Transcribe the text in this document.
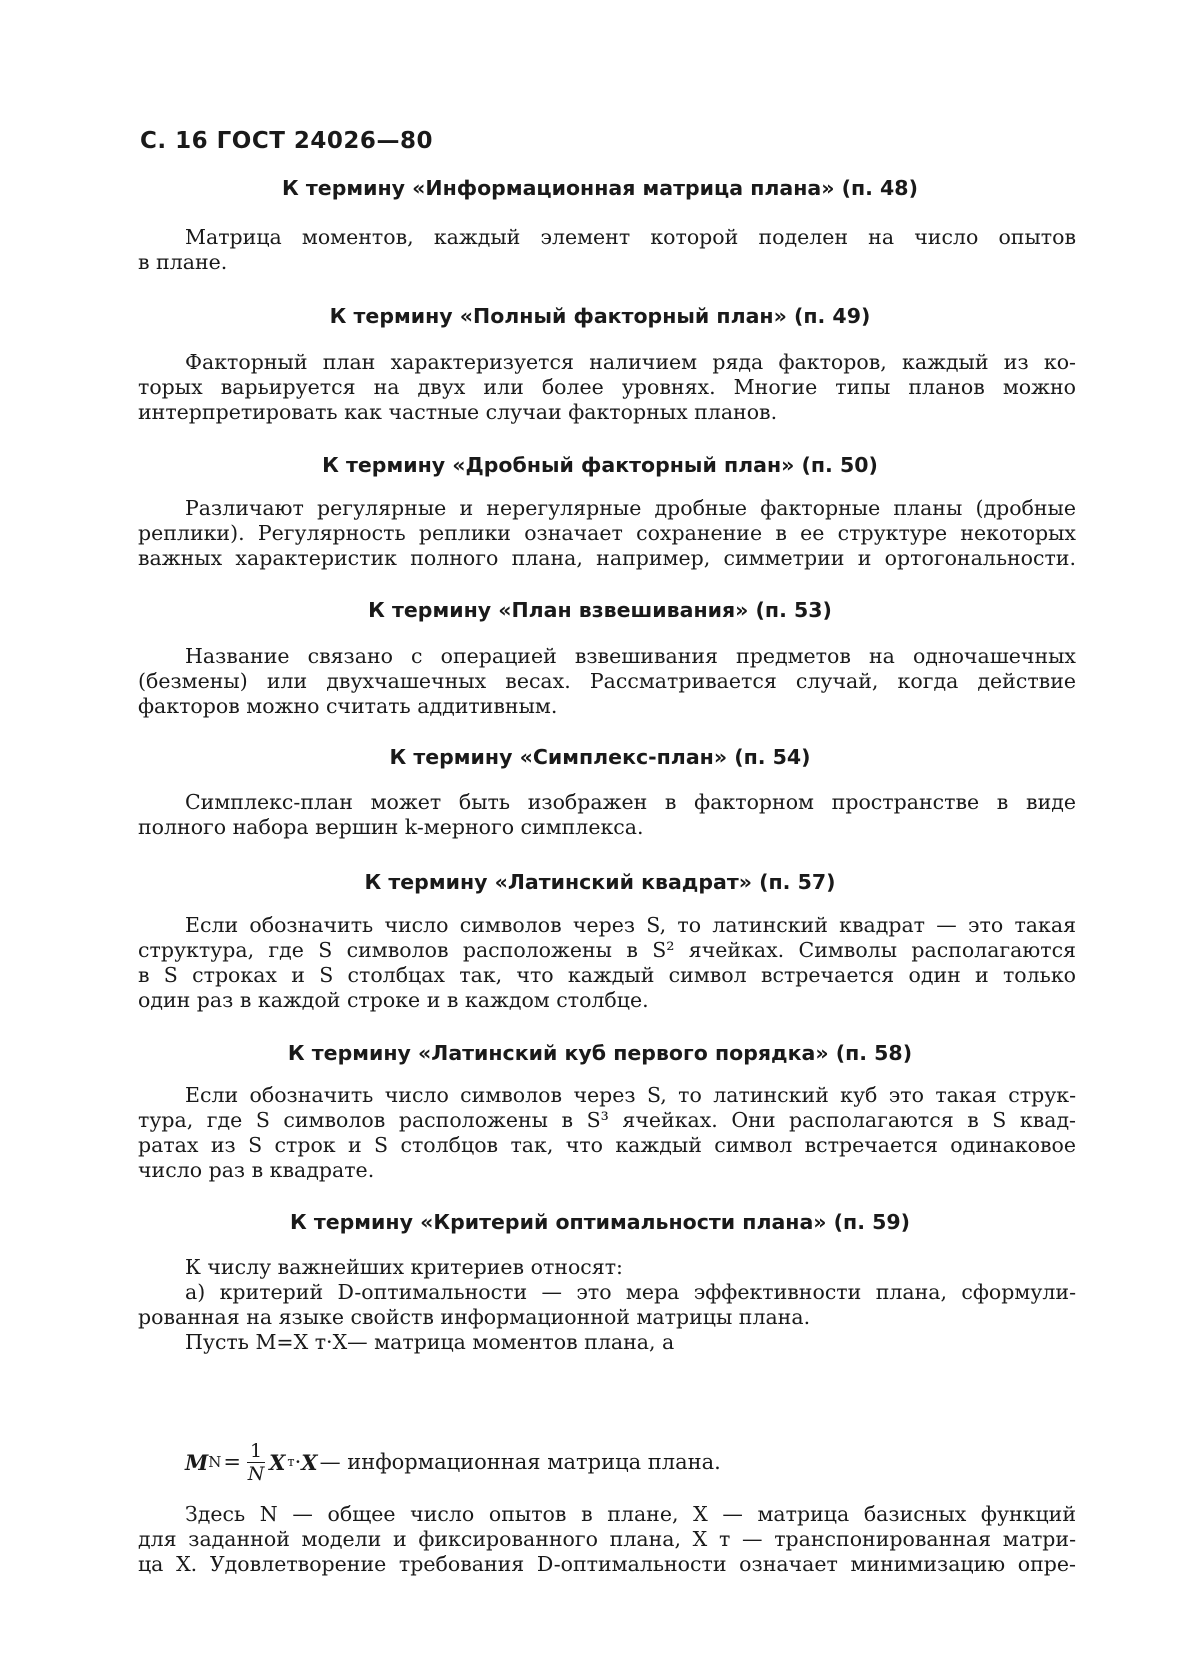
С. 16 ГОСТ 24026—80
К термину «Информационная матрица плана» (п. 48)
Матрица моментов, каждый элемент которой поделен на число опытов
в плане.
К термину «Полный факторный план» (п. 49)
Факторный план характеризуется наличием ряда факторов, каждый из ко-
торых варьируется на двух или более уровнях. Многие типы планов можно
интерпретировать как частные случаи факторных планов.
К термину «Дробный факторный план» (п. 50)
Различают регулярные и нерегулярные дробные факторные планы (дробные
реплики). Регулярность реплики означает сохранение в ее структуре некоторых
важных характеристик полного плана, например, симметрии и ортогональности.
К термину «План взвешивания» (п. 53)
Название связано с операцией взвешивания предметов на одночашечных
(безмены) или двухчашечных весах. Рассматривается случай, когда действие
факторов можно считать аддитивным.
К термину «Симплекс-план» (п. 54)
Симплекс-план может быть изображен в факторном пространстве в виде
полного набора вершин k-мерного симплекса.
К термину «Латинский квадрат» (п. 57)
Если обозначить число символов через S, то латинский квадрат — это такая
структура, где S символов расположены в S² ячейках. Символы располагаются
в S строках и S столбцах так, что каждый символ встречается один и только
один раз в каждой строке и в каждом столбце.
К термину «Латинский куб первого порядка» (п. 58)
Если обозначить число символов через S, то латинский куб это такая струк-
тура, где S символов расположены в S³ ячейках. Они располагаются в S квад-
ратах из S строк и S столбцов так, что каждый символ встречается одинаковое
число раз в квадрате.
К термину «Критерий оптимальности плана» (п. 59)
К числу важнейших критериев относят:
а) критерий D-оптимальности — это мера эффективности плана, сформули-
рованная на языке свойств информационной матрицы плана.
Пусть M=X т·X— матрица моментов плана, а
M $N = \frac{1}{N}$ X т · X — информационная матрица плана.
Здесь N — общее число опытов в плане, X — матрица базисных функций
для заданной модели и фиксированного плана, X т — транспонированная матри-
ца X. Удовлетворение требования D-оптимальности означает минимизацию опре-
